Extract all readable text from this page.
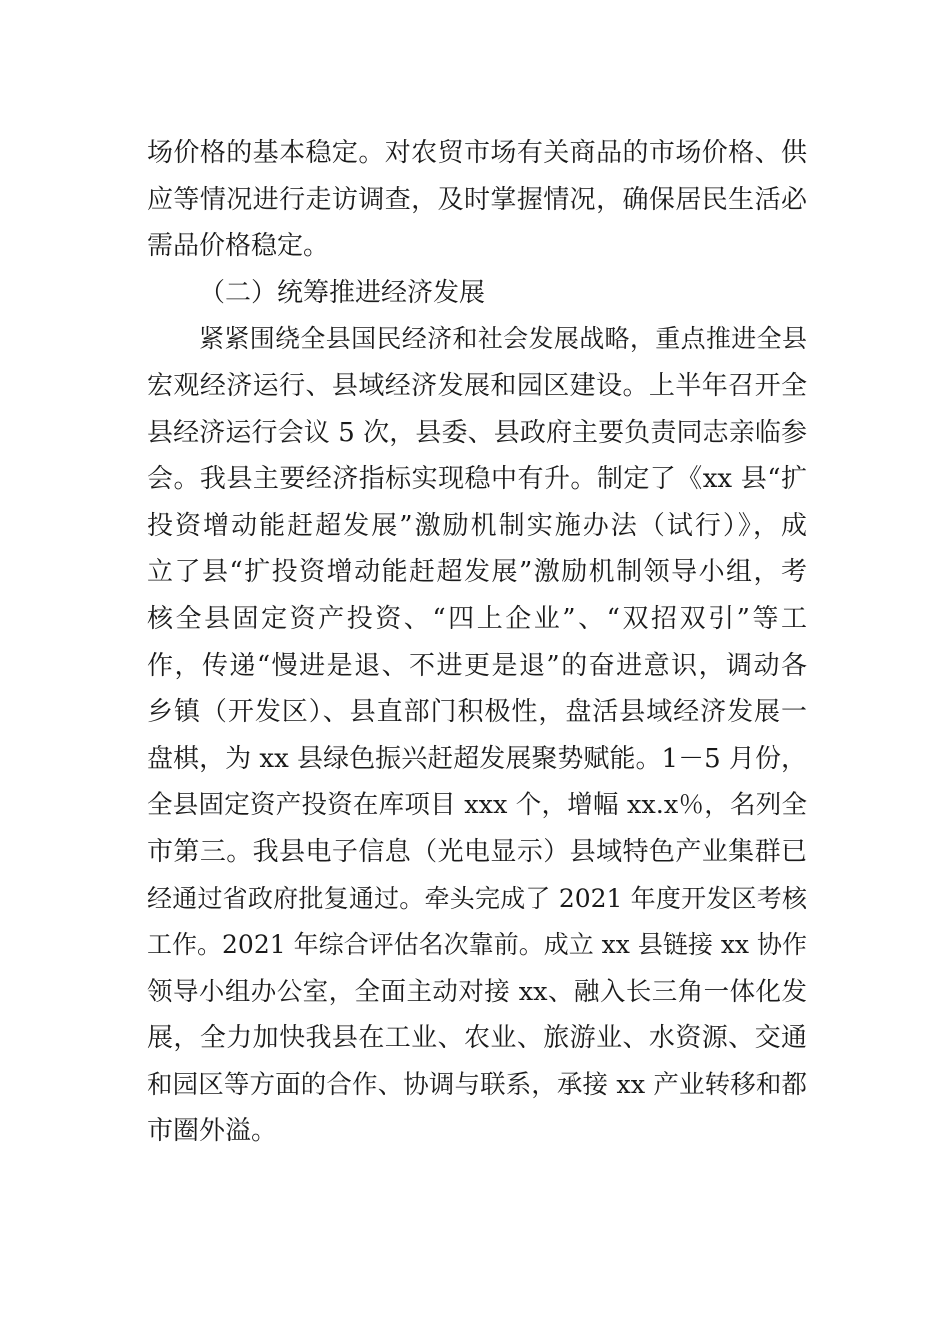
场价格的基本稳定。对农贸市场有关商品的市场价格、供
应等情况进行走访调查，及时掌握情况，确保居民生活必
需品价格稳定。
（二）统筹推进经济发展
紧紧围绕全县国民经济和社会发展战略，重点推进全县
宏观经济运行、县域经济发展和园区建设。上半年召开全
县经济运行会议 5 次，县委、县政府主要负责同志亲临参
会。我县主要经济指标实现稳中有升。制定了《xx 县“扩
投资增动能赶超发展”激励机制实施办法（试行）》，成
立了县“扩投资增动能赶超发展”激励机制领导小组，考
核全县固定资产投资、“四上企业”、“双招双引”等工
作，传递“慢进是退、不进更是退”的奋进意识，调动各
乡镇（开发区）、县直部门积极性，盘活县域经济发展一
盘棋，为 xx 县绿色振兴赶超发展聚势赋能。1－5 月份，
全县固定资产投资在库项目 xxx 个，增幅 xx.x％，名列全
市第三。我县电子信息（光电显示）县域特色产业集群已
经通过省政府批复通过。牵头完成了 2021 年度开发区考核
工作。2021 年综合评估名次靠前。成立 xx 县链接 xx 协作
领导小组办公室，全面主动对接 xx、融入长三角一体化发
展，全力加快我县在工业、农业、旅游业、水资源、交通
和园区等方面的合作、协调与联系，承接 xx 产业转移和都
市圈外溢。
